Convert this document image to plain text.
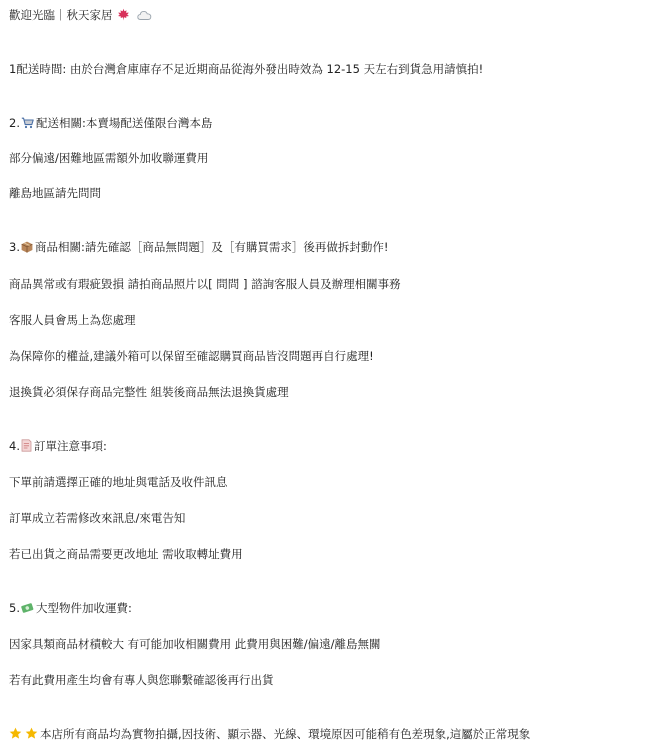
歡迎光臨｜秋天家居
1配送時間: 由於台灣倉庫庫存不足近期商品從海外發出時效為 12-15 天左右到貨急用請慎拍!
2. 配送相關:本賣場配送僅限台灣本島
部分偏遠/困難地區需額外加收聯運費用
離島地區請先問問
3. 商品相關:請先確認［商品無問題］及［有購買需求］後再做拆封動作!
商品異常或有瑕疵毀損 請拍商品照片以[ 問問 ] 諮詢客服人員及辦理相關事務
客服人員會馬上為您處理
為保障你的權益,建議外箱可以保留至確認購買商品皆沒問題再自行處理!
退換貨必須保存商品完整性 組裝後商品無法退換貨處理
4. 訂單注意事項:
下單前請選擇正確的地址與電話及收件訊息
訂單成立若需修改來訊息/來電告知
若已出貨之商品需要更改地址 需收取轉址費用
5. 大型物件加收運費:
因家具類商品材積較大 有可能加收相關費用 此費用與困難/偏遠/離島無關
若有此費用產生均會有專人與您聯繫確認後再行出貨
本店所有商品均為實物拍攝,因技術、顯示器、光線、環境原因可能稍有色差現象,這屬於正常現象
